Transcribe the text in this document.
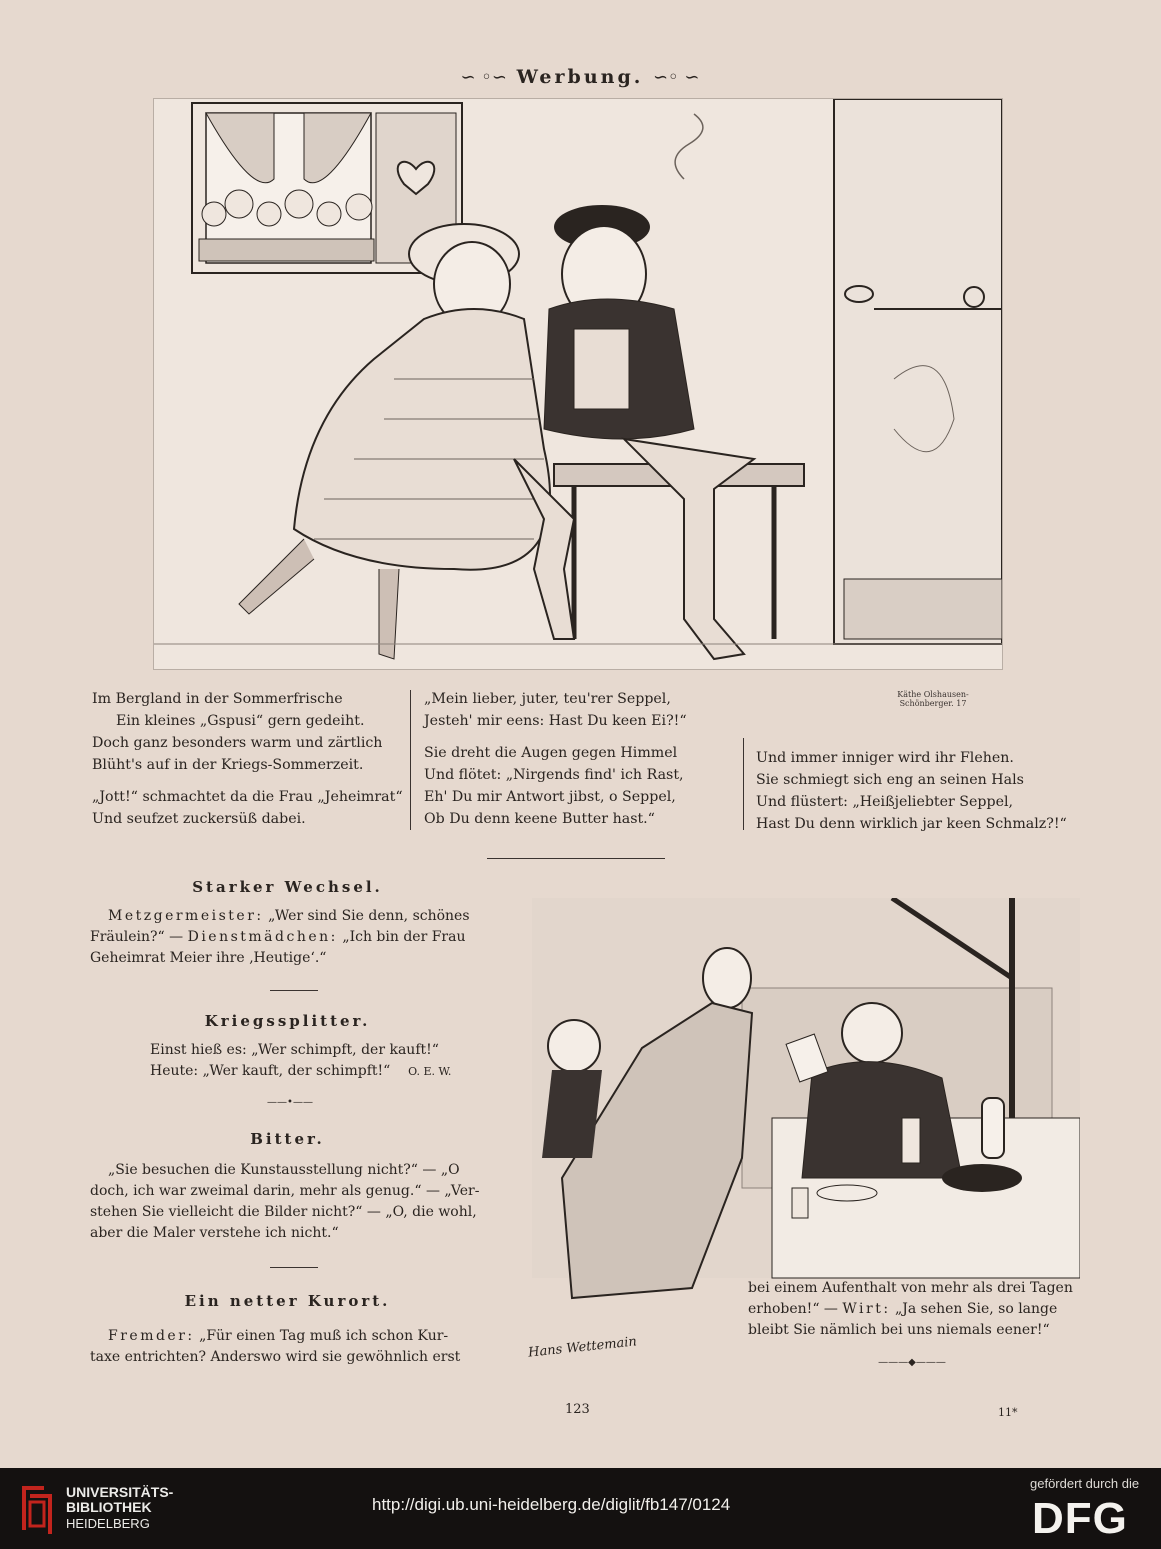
∽ ◦∽ Werbung. ∽◦ ∽

Im Bergland in der Sommerfrische

Ein kleines „Gspusi“ gern gedeiht.

Doch ganz besonders warm und zärtlich

Blüht's auf in der Kriegs-Sommerzeit.

„Jott!“ schmachtet da die Frau „Jeheimrat“

Und seufzet zuckersüß dabei.

„Mein lieber, juter, teu'rer Seppel,

Jesteh' mir eens: Hast Du keen Ei?!“

Sie dreht die Augen gegen Himmel

Und flötet: „Nirgends find' ich Rast,

Eh' Du mir Antwort jibst, o Seppel,

Ob Du denn keene Butter hast.“

Käthe Olshausen-Schönberger. 17

Und immer inniger wird ihr Flehen.

Sie schmiegt sich eng an seinen Hals

Und flüstert: „Heißjeliebter Seppel,

Hast Du denn wirklich jar keen Schmalz?!“

Starker Wechsel.

Metzgermeister: „Wer sind Sie denn, schönes

Fräulein?“ — Dienstmädchen: „Ich bin der Frau

Geheimrat Meier ihre ‚Heutige‘.“

Kriegssplitter.

Einst hieß es: „Wer schimpft, der kauft!“

Heute: „Wer kauft, der schimpft!“ O. E. W.

——•——
Bitter.

„Sie besuchen die Kunstausstellung nicht?“ — „O

doch, ich war zweimal darin, mehr als genug.“ — „Ver-

stehen Sie vielleicht die Bilder nicht?“ — „O, die wohl,

aber die Maler verstehe ich nicht.“

Ein netter Kurort.

Fremder: „Für einen Tag muß ich schon Kur-

taxe entrichten? Anderswo wird sie gewöhnlich erst	Hans Wettemain

bei einem Aufenthalt von mehr als drei Tagen

erhoben!“ — Wirt: „Ja sehen Sie, so lange

bleibt Sie nämlich bei uns niemals eener!“

———◆———
123	11*
UNIVERSITÄTS-
BIBLIOTHEK
HEIDELBERG
http://digi.ub.uni-heidelberg.de/diglit/fb147/0124
gefördert durch die
DFG
